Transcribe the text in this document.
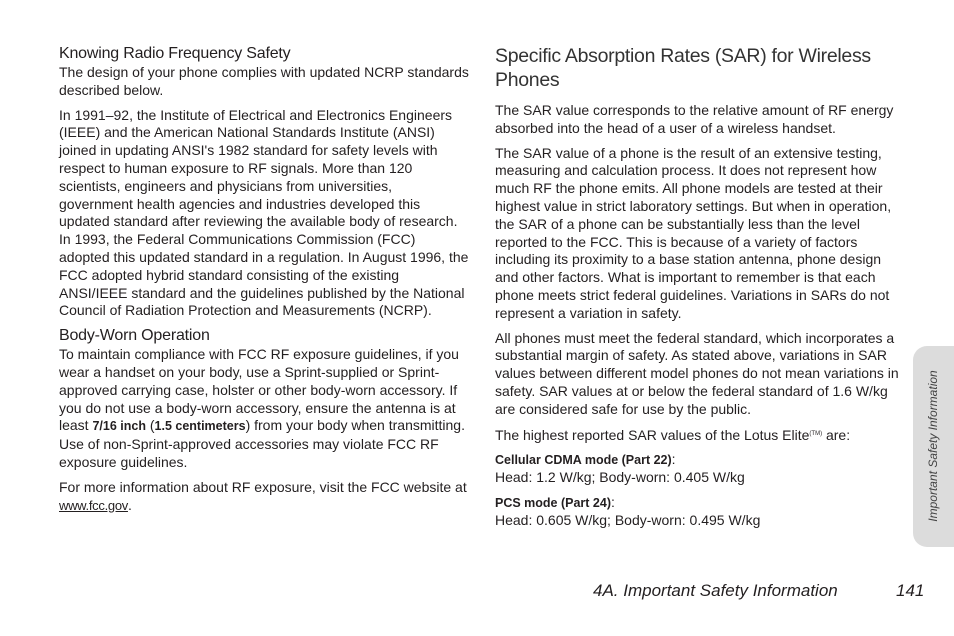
Knowing Radio Frequency Safety

The design of your phone complies with updated NCRP standards described below.

In 1991–92, the Institute of Electrical and Electronics Engineers (IEEE) and the American National Standards Institute (ANSI) joined in updating ANSI's 1982 standard for safety levels with respect to human exposure to RF signals. More than 120 scientists, engineers and physicians from universities, government health agencies and industries developed this updated standard after reviewing the available body of research. In 1993, the Federal Communications Commission (FCC) adopted this updated standard in a regulation. In August 1996, the FCC adopted hybrid standard consisting of the existing ANSI/IEEE standard and the guidelines published by the National Council of Radiation Protection and Measurements (NCRP).

Body-Worn Operation

To maintain compliance with FCC RF exposure guidelines, if you wear a handset on your body, use a Sprint-supplied or Sprint-approved carrying case, holster or other body-worn accessory. If you do not use a body-worn accessory, ensure the antenna is at least 7/16 inch (1.5 centimeters) from your body when transmitting. Use of non-Sprint-approved accessories may violate FCC RF exposure guidelines.

For more information about RF exposure, visit the FCC website at www.fcc.gov.

Specific Absorption Rates (SAR) for Wireless Phones

The SAR value corresponds to the relative amount of RF energy absorbed into the head of a user of a wireless handset.

The SAR value of a phone is the result of an extensive testing, measuring and calculation process. It does not represent how much RF the phone emits. All phone models are tested at their highest value in strict laboratory settings. But when in operation, the SAR of a phone can be substantially less than the level reported to the FCC. This is because of a variety of factors including its proximity to a base station antenna, phone design and other factors. What is important to remember is that each phone meets strict federal guidelines. Variations in SARs do not represent a variation in safety.

All phones must meet the federal standard, which incorporates a substantial margin of safety. As stated above, variations in SAR values between different model phones do not mean variations in safety. SAR values at or below the federal standard of 1.6 W/kg are considered safe for use by the public.

The highest reported SAR values of the Lotus Elite$^{(TM)}$ are:

Cellular CDMA mode (Part 22):
Head: 1.2 W/kg; Body-worn: 0.405 W/kg

PCS mode (Part 24):
Head: 0.605 W/kg; Body-worn: 0.495 W/kg	Important Safety Information
4A. Important Safety Information	141
